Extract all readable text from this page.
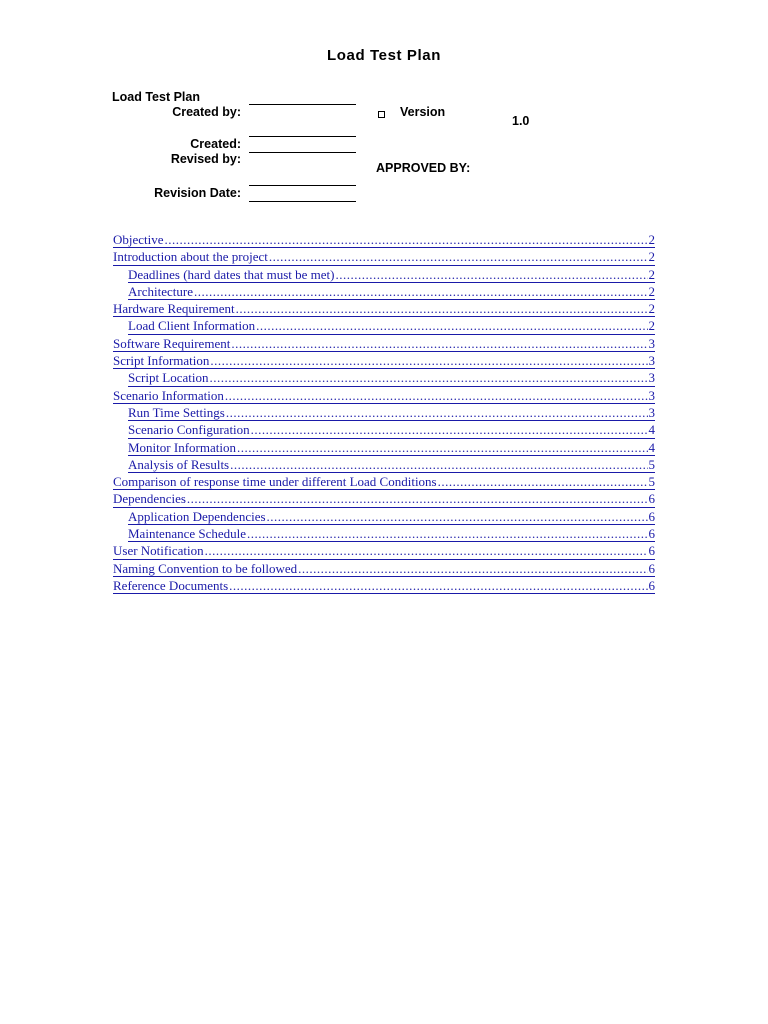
Load Test Plan
Load Test Plan
Created by:
Created:
Revised by:
Revision Date:
Version
1.0
APPROVED BY:
Objective .....	2
Introduction about the project .....	2
Deadlines (hard dates that must be met) .....	2
Architecture .....	2
Hardware Requirement .....	2
Load Client Information .....	2
Software Requirement .....	3
Script Information .....	3
Script Location .....	3
Scenario Information .....	3
Run Time Settings .....	3
Scenario Configuration .....	4
Monitor Information .....	4
Analysis of Results .....	5
Comparison of response time under different Load Conditions .....	5
Dependencies .....	6
Application Dependencies .....	6
Maintenance Schedule .....	6
User Notification .....	6
Naming Convention to be followed .....	6
Reference Documents .....	6
